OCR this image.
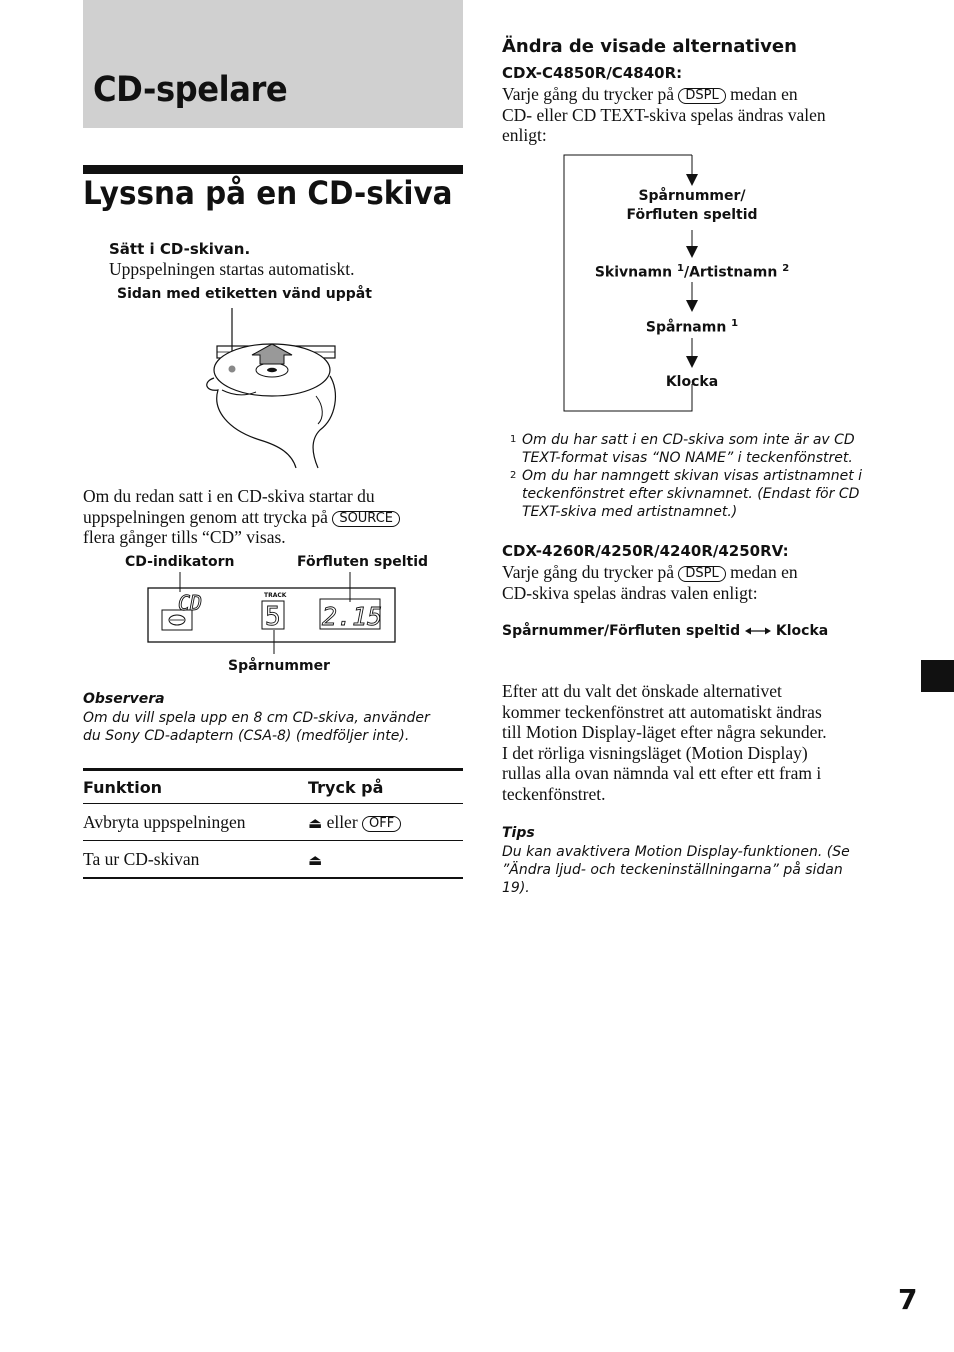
CD-spelare
Lyssna på en CD-skiva
Sätt i CD-skivan.
Uppspelningen startas automatiskt.
Sidan med etiketten vänd uppåt
Om du redan satt i en CD-skiva startar du
uppspelningen genom att trycka på SOURCE
flera gånger tills “CD” visas.
CD-indikatorn	Förfluten speltid
Spårnummer
CD	TRACK
5 2.15
Observera
Om du vill spela upp en 8 cm CD-skiva, använder
du Sony CD-adaptern (CSA-8) (medföljer inte).
Funktion	Tryck på
Avbryta uppspelningen	⏏ eller OFF
Ta ur CD-skivan	⏏
Ändra de visade alternativen
CDX-C4850R/C4840R:
Varje gång du trycker på DSPL medan en
CD- eller CD TEXT-skiva spelas ändras valen
enligt:
Spårnummer/
Förfluten speltid
Skivnamn $^1$/Artistnamn $^2$
Spårnamn $^1$
Klocka
1 Om du har satt i en CD-skiva som inte är av CD
TEXT-format visas “NO NAME” i teckenfönstret.
2 Om du har namngett skivan visas artistnamnet i
teckenfönstret efter skivnamnet. (Endast för CD
TEXT-skiva med artistnamnet.)
CDX-4260R/4250R/4240R/4250RV:
Varje gång du trycker på DSPL medan en
CD-skiva spelas ändras valen enligt:
Spårnummer/Förfluten speltid	Klocka
Efter att du valt det önskade alternativet
kommer teckenfönstret att automatiskt ändras
till Motion Display-läget efter några sekunder.
I det rörliga visningsläget (Motion Display)
rullas alla ovan nämnda val ett efter ett fram i
teckenfönstret.
Tips
Du kan avaktivera Motion Display-funktionen. (Se
”Ändra ljud- och teckeninställningarna” på sidan
19).
7
